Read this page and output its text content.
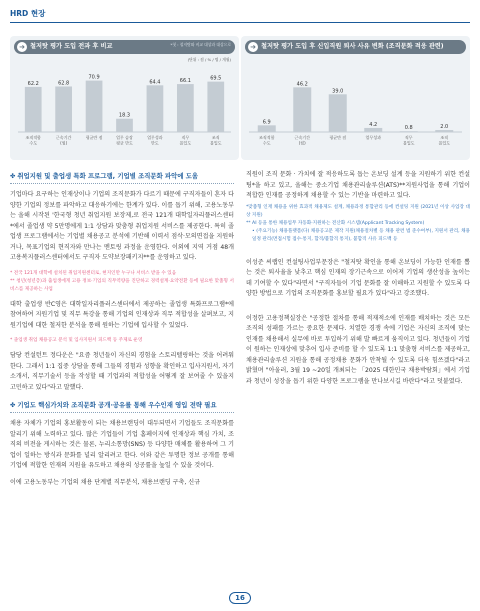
HRD 현장
➜ 철저탓 평가 도입 전과 후 비교	*첫 : 철저탓와 비교 대상과 대상으로
(단위 : 점 / % / 명 / 개월)
62.2
조직적합
수도
62.8
근속기간
(월)
70.9
평균만 점
18.3
업무 습장
평균 만도
64.4
업무성과
만도
66.1
직무
몰입도
69.5
조직
몰입도
➜ 철저탓 평가 도입 후 신입직원 퇴사 사유 변화 (조직문화 적응 관련)
6.9
조직적합
수도
46.2
근속기간
(월)
39.0
평균만 점
4.2
업무성과
0.8
직무
몰입도
2.0
조직
몰입도
✤ 취업지원 및 출업생 특화 프로그램, 기업별 조직문화 파악에 도움

기업마다 요구하는 인재상이나 기업의 조직문화가 다르기 때문에 구직자들이 혼자 다양한 기업의 정보를 파악하고 대응하기에는 한계가 있다. 이를 돕기 위해, 고용노동부는 올해 시작된 '한국형 청년 취업지원 보장제,로 전국 121개 대학일자리플러스센터*에서 졸업생 약 5만명에게 1:1 상담과 맞춤형 취업지원 서비스를 제공한다. 특히 졸업생 프로그램에서는 기업별 채용공고 분석에 기반해 이력서 점삭·모의면접을 지원하거나, 목표기업의 현직자와 만나는 멘토링 과정을 운영한다. 이외에 지역 거점 48개 고용복지플러스센터에서도 구직자 도약보장패키지**를 운영하고 있다.

* 전국 121개 대학에 설치된 취업지원센터로, 현지인만 누구나 서비스 받을 수 있음
** 청년(청년층)과 출업생에게 고용 정보·기업의 직무역량을 진단하고 경력설계·요약전환 등에 필요한 맞춤형 서비스를 제공하는 사업

대학 출업생 반C영은 대학일자리플러스센터에서 제공하는 졸업생 특화프로그램*에 참여하여 지원기업 및 직무 특강을 통해 기업의 인재상과 직무 적합성을 살펴보고, 지원기업에 대한 철저한 분석을 통해 원하는 기업에 입사할 수 있었다.

* 졸업생 취업 채용공고 분석 및 입사지원서 피드백 등 주제로 운영

담당 컨설턴트 정다운은 "요즘 청년들이 자신의 경험을 스토리텔링하는 것을 어려워한다. 그래서 1:1 집중 상담을 통해 그들의 경험과 성향을 확인하고 입사지원서, 자기소개서, 직무기술서 등을 작성할 때 기업과의 적합성을 어떻게 잘 보여줄 수 있을지 고민하고 있다"라고 말했다.

✤ 기업도 핵심가치와 조직문화 공개·공유를 통해 우수인재 영입 전략 필요

채용 자체가 기업의 홍보활동이 되는 채용브랜딩이 대두되면서 기업들도 조직문화를 알리기 위해 노력하고 있다. 많은 기업들이 기업 홈페이지에 인재상과 핵심 가치, 조직의 비전을 게시하는 것은 물론, 누리소통망(SNS) 등 다양한 매체를 활용하여 그 기업이 일하는 방식과 문화를 널리 알리려고 한다. 이와 같은 투명한 정보 공개를 통해 기업에 적합한 인재의 지원율 유도하고 채용의 성공률을 높일 수 있을 것이다.

이에 고용노동부는 기업의 채용 단계별 직무분석, 채용브랜딩 구축, 신규

직원이 조직 문화 · 가치에 잘 적응하도록 돕는 온보딩 설계 등을 지원하기 위한 컨설팅*을 하고 있고, 올해는 중소기업 채용관리솔루션(ATS)**지원사업을 통해 기업이 적합한 인재를 공정하게 채용할 수 있는 기반을 마련하고 있다.

*맞춤형 인재 채용을 위한 효과적 채용제도 설계, 채용과정 통합관리 등에 컨설팅 지원 (2021년 이상 사업장 대상 지원)
** AI 등을 통한 채용업무 자동화·지원하는 전산화 시스템(Applicant Tracking System)
• (주요기능) 채용플랫폼(다) 채용공고문 제작 지원(채용절차별 등 채용 관련 법 준수여부), 지원서 관리, 채용일정 관리(면접시험 접수·통지, 합격/불합격 통지), 불합격 사유 피드백 등

이성준 씨랩인 컨설팅사업부문장은 "철저탓 확인을 통해 온보딩이 가능한 인재를 뽑는 것은 퇴사율을 낮추고 핵심 인재의 장기근속으로 이어져 기업의 생산성을 높이는데 기여할 수 있다"라면서 "구직자들이 기업 문화를 잘 이해하고 지원할 수 있도록 다양한 방법으로 기업의 조직문화를 홍보할 필요가 있다"라고 강조했다.

이정한 고용정책실장은 "공정한 절차를 통해 적재적소에 인재를 배치하는 것은 모든 조직의 성패를 가르는 중요한 문제다. 치열한 경쟁 속에 기업은 자신의 조직에 맞는 인재를 채용해서 실무에 바로 투입하기 위해 발 빠르게 움직이고 있다. 청년들이 기업이 원하는 인재상에 맞추어 입사 준비를 할 수 있도록 1:1 맞춤형 서비스를 제공하고, 채용관리솔루션 지원을 통해 공정채용 문화가 안착될 수 있도록 더욱 힘쓰겠다"라고 밝혔며 "아울러, 3월 19 ~20일 개최되는 「2025 대한민국 채용박람회」에서 기업과 청년이 성장을 돕기 위한 다양한 프로그램을 만나보시길 바란다"라고 덧붙였다.

16
